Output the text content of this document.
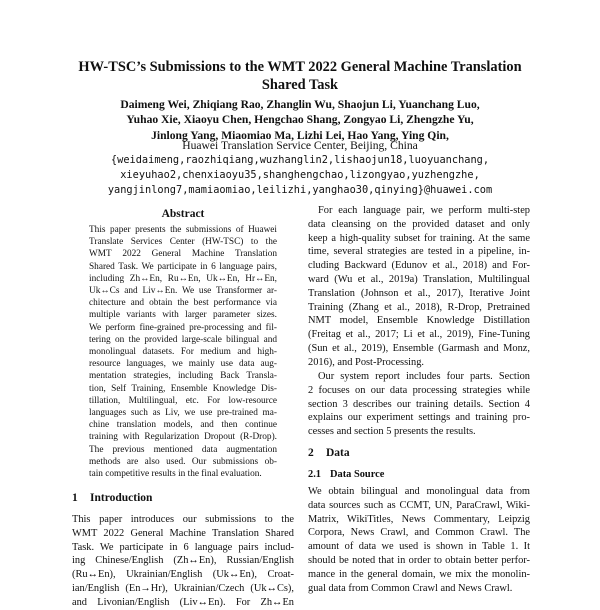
HW-TSC’s Submissions to the WMT 2022 General Machine Translation
Shared Task
Daimeng Wei, Zhiqiang Rao, Zhanglin Wu, Shaojun Li, Yuanchang Luo,
Yuhao Xie, Xiaoyu Chen, Hengchao Shang, Zongyao Li, Zhengzhe Yu,
Jinlong Yang, Miaomiao Ma, Lizhi Lei, Hao Yang, Ying Qin,
Huawei Translation Service Center, Beijing, China
{weidaimeng,raozhiqiang,wuzhanglin2,lishaojun18,luoyuanchang,
xieyuhao2,chenxiaoyu35,shanghengchao,lizongyao,yuzhengzhe,
yangjinlong7,mamiaomiao,leilizhi,yanghao30,qinying}@huawei.com
Abstract
This paper presents the submissions of Huawei
Translate Services Center (HW-TSC) to the
WMT 2022 General Machine Translation
Shared Task. We participate in 6 language pairs,
including Zh↔En, Ru↔En, Uk↔En, Hr↔En,
Uk↔Cs and Liv↔En. We use Transformer ar-
chitecture and obtain the best performance via
multiple variants with larger parameter sizes.
We perform fine-grained pre-processing and fil-
tering on the provided large-scale bilingual and
monolingual datasets. For medium and high-
resource languages, we mainly use data aug-
mentation strategies, including Back Transla-
tion, Self Training, Ensemble Knowledge Dis-
tillation, Multilingual, etc. For low-resource
languages such as Liv, we use pre-trained ma-
chine translation models, and then continue
training with Regularization Dropout (R-Drop).
The previous mentioned data augmentation
methods are also used. Our submissions ob-
tain competitive results in the final evaluation.
1 Introduction
This paper introduces our submissions to the
WMT 2022 General Machine Translation Shared
Task. We participate in 6 language pairs includ-
ing Chinese/English (Zh↔En), Russian/English
(Ru↔En), Ukrainian/English (Uk↔En), Croat-
ian/English (En→Hr), Ukrainian/Czech (Uk↔Cs),
and Livonian/English (Liv↔En). For Zh↔En
For each language pair, we perform multi-step
data cleansing on the provided dataset and only
keep a high-quality subset for training. At the same
time, several strategies are tested in a pipeline, in-
cluding Backward (Edunov et al., 2018) and For-
ward (Wu et al., 2019a) Translation, Multilingual
Translation (Johnson et al., 2017), Iterative Joint
Training (Zhang et al., 2018), R-Drop, Pretrained
NMT model, Ensemble Knowledge Distillation
(Freitag et al., 2017; Li et al., 2019), Fine-Tuning
(Sun et al., 2019), Ensemble (Garmash and Monz,
2016), and Post-Processing.
Our system report includes four parts. Section
2 focuses on our data processing strategies while
section 3 describes our training details. Section 4
explains our experiment settings and training pro-
cesses and section 5 presents the results.
2 Data
2.1 Data Source
We obtain bilingual and monolingual data from
data sources such as CCMT, UN, ParaCrawl, Wiki-
Matrix, WikiTitles, News Commentary, Leipzig
Corpora, News Crawl, and Common Crawl. The
amount of data we used is shown in Table 1. It
should be noted that in order to obtain better perfor-
mance in the general domain, we mix the monolin-
gual data from Common Crawl and News Crawl.
